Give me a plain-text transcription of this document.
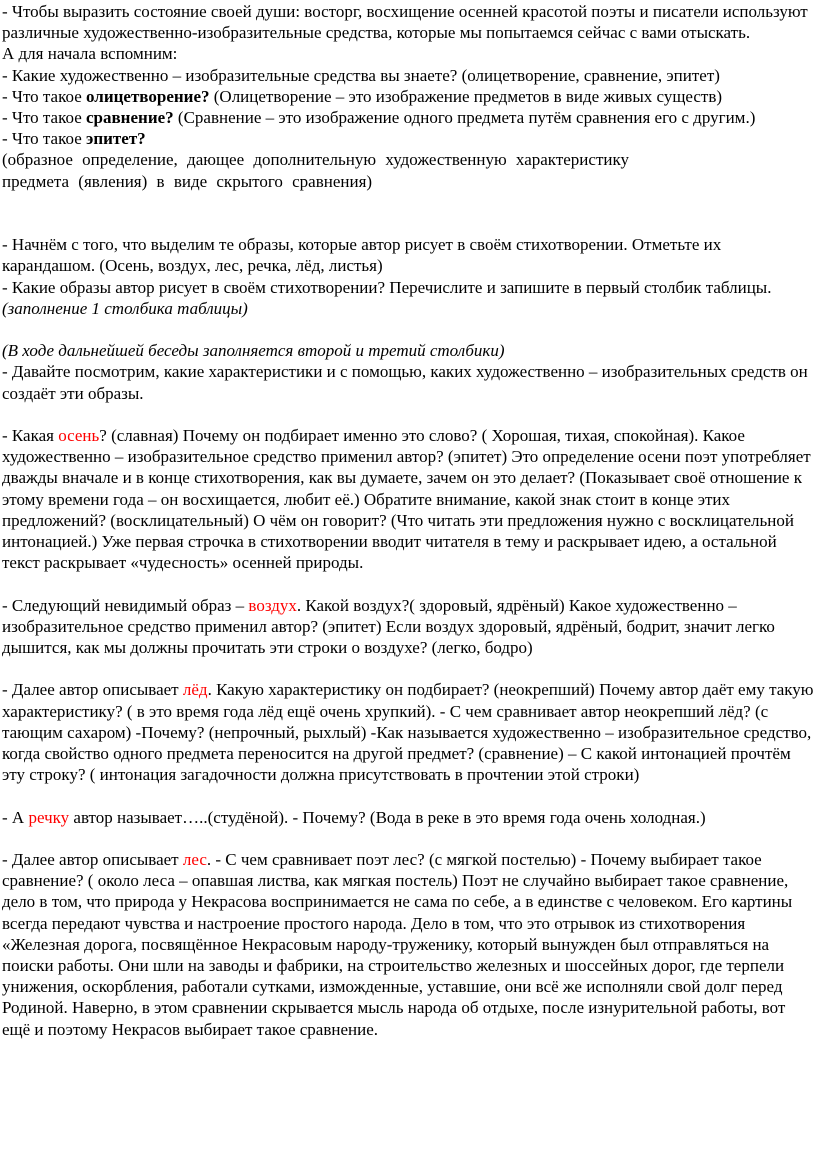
- Чтобы выразить состояние своей души: восторг, восхищение осенней красотой поэты и писатели используют различные художественно-изобразительные средства, которые мы попытаемся сейчас с вами отыскать.

А для начала вспомним:

- Какие художественно – изобразительные средства вы знаете? (олицетворение, сравнение, эпитет)

- Что такое олицетворение? (Олицетворение – это изображение предметов в виде живых существ)

- Что такое сравнение? (Сравнение – это изображение одного предмета путём сравнения его с другим.)

- Что такое эпитет?

(образное определение, дающее дополнительную художественную характеристику

предмета (явления) в виде скрытого сравнения)

- Начнём с того, что выделим те образы, которые автор рисует в своём стихотворении. Отметьте их карандашом. (Осень, воздух, лес, речка, лёд, листья)

- Какие образы автор рисует в своём стихотворении? Перечислите и запишите в первый столбик таблицы. (заполнение 1 столбика таблицы)

(В ходе дальнейшей беседы заполняется второй и третий столбики)

- Давайте посмотрим, какие характеристики и с помощью, каких художественно – изобразительных средств он создаёт эти образы.

- Какая осень? (славная) Почему он подбирает именно это слово? ( Хорошая, тихая, спокойная). Какое художественно – изобразительное средство применил автор? (эпитет) Это определение осени поэт употребляет дважды вначале и в конце стихотворения, как вы думаете, зачем он это делает? (Показывает своё отношение к этому времени года – он восхищается, любит её.) Обратите внимание, какой знак стоит в конце этих предложений? (восклицательный) О чём он говорит? (Что читать эти предложения нужно с восклицательной интонацией.) Уже первая строчка в стихотворении вводит читателя в тему и раскрывает идею, а остальной текст раскрывает «чудесность» осенней природы.

- Следующий невидимый образ – воздух. Какой воздух?( здоровый, ядрёный) Какое художественно – изобразительное средство применил автор? (эпитет) Если воздух здоровый, ядрёный, бодрит, значит легко дышится, как мы должны прочитать эти строки о воздухе? (легко, бодро)

- Далее автор описывает лёд. Какую характеристику он подбирает? (неокрепший) Почему автор даёт ему такую характеристику? ( в это время года лёд ещё очень хрупкий). - С чем сравнивает автор неокрепший лёд? (с тающим сахаром) -Почему? (непрочный, рыхлый) -Как называется художественно – изобразительное средство, когда свойство одного предмета переносится на другой предмет? (сравнение) – С какой интонацией прочтём эту строку? ( интонация загадочности должна присутствовать в прочтении этой строки)

- А речку автор называет…..(студёной). - Почему? (Вода в реке в это время года очень холодная.)

- Далее автор описывает лес. - С чем сравнивает поэт лес? (с мягкой постелью) - Почему выбирает такое сравнение? ( около леса – опавшая листва, как мягкая постель) Поэт не случайно выбирает такое сравнение, дело в том, что природа у Некрасова воспринимается не сама по себе, а в единстве с человеком. Его картины всегда передают чувства и настроение простого народа. Дело в том, что это отрывок из стихотворения «Железная дорога, посвящённое Некрасовым народу-труженику, который вынужден был отправляться на поиски работы. Они шли на заводы и фабрики, на строительство железных и шоссейных дорог, где терпели унижения, оскорбления, работали сутками, изможденные, уставшие, они всё же исполняли свой долг перед Родиной. Наверно, в этом сравнении скрывается мысль народа об отдыхе, после изнурительной работы, вот ещё и поэтому Некрасов выбирает такое сравнение.
